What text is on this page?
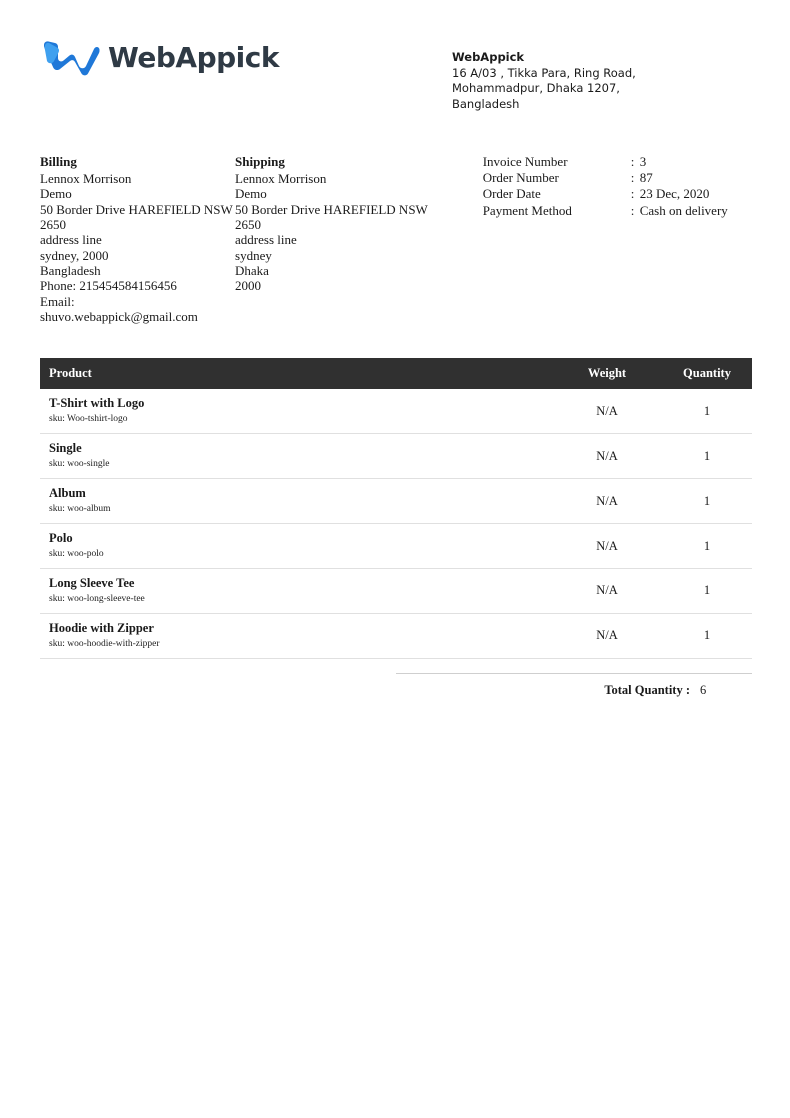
WebAppick	WebAppick
16 A/03 , Tikka Para, Ring Road,
Mohammadpur, Dhaka 1207,
Bangladesh
Billing
Lennox Morrison
Demo
50 Border Drive HAREFIELD NSW 2650
address line
sydney, 2000
Bangladesh
Phone: 215454584156456
Email: shuvo.webappick@gmail.com
Shipping
Lennox Morrison
Demo
50 Border Drive HAREFIELD NSW 2650
address line
sydney
Dhaka
2000
Invoice Number	: 3
Order Number	: 87
Order Date	: 23 Dec, 2020
Payment Method	: Cash on delivery
Product	Weight	Quantity

T-Shirt with Logo
sku: Woo-tshirt-logo	N/A	1

Single
sku: woo-single	N/A	1

Album
sku: woo-album	N/A	1

Polo
sku: woo-polo	N/A	1

Long Sleeve Tee
sku: woo-long-sleeve-tee	N/A	1

Hoodie with Zipper
sku: woo-hoodie-with-zipper	N/A	1
Total Quantity : 6
